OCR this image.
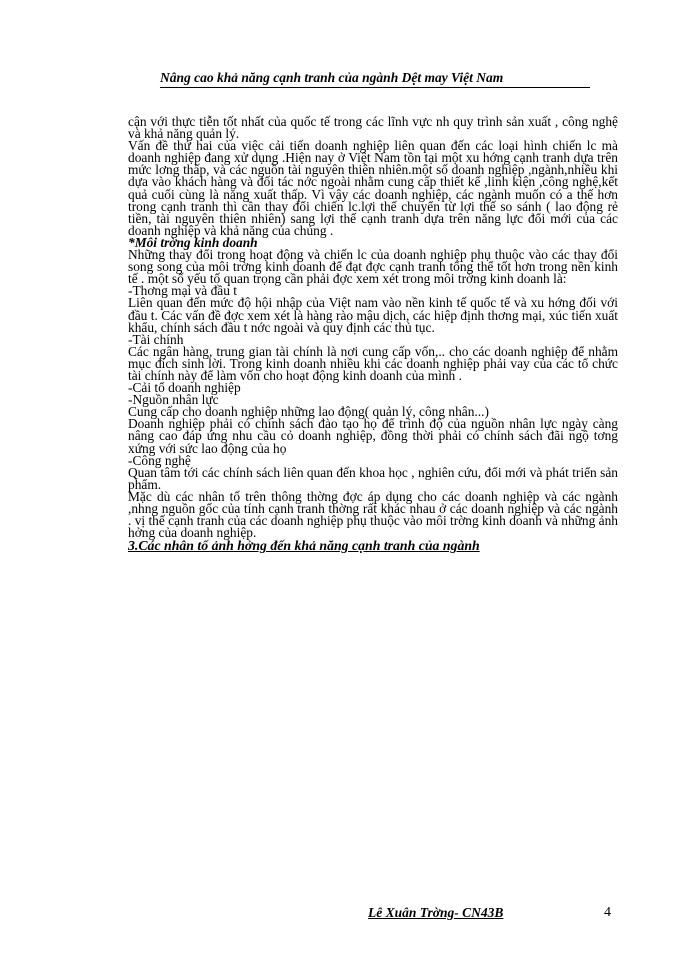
Nâng cao khả năng cạnh tranh của ngành Dệt may Việt Nam

cận với thực tiễn tốt nhất của quốc tế trong các lĩnh vực nh quy trình sản xuất , công nghệ và khả năng quản lý.

Vấn đề thứ hai của việc cải tiến doanh nghiệp liên quan đến các loại hình chiến lc mà doanh nghiệp đang xử dụng .Hiện nay ở Việt Nam tồn tại một xu hớng cạnh tranh dựa trên mức lơng thấp, và các nguồn tài nguyên thiên nhiên.một số doanh nghiệp ,ngành,nhiều khi dựa vào khách hàng và đối tác nớc ngoài nhằm cung cấp thiết kế ,linh kiện ,công nghệ,kết quả cuối cùng là năng xuất thấp. Vì vậy các doanh nghiệp, các ngành muốn có a thế hơn trong cạnh tranh thì cần thay đổi chiến lc.lợi thế chuyển từ lợi thế so sánh ( lao động rẻ tiền, tài nguyên thiên nhiên) sang lợi thế cạnh tranh dựa trên năng lực đổi mới của các doanh nghiệp và khả năng của chúng .

*Môi trờng kinh doanh

Những thay đổi trong hoạt động và chiến lc của doanh nghiệp phụ thuộc vào các thay đổi song song của môi trờng kinh doanh để đạt đợc cạnh tranh tổng thể tốt hơn trong nền kinh tế . một số yếu tố quan trọng cần phải đợc xem xét trong môi trờng kinh doanh là:

-Thơng mại và đầu t

Liên quan đến mức độ hội nhập của Việt nam vào nền kinh tế quốc tế và xu hớng đối với đầu t. Các vấn đề đợc xem xét là hàng rào mậu dịch, các hiệp định thơng mại, xúc tiến xuất khẩu, chính sách đầu t nớc ngoài và quy định các thủ tục.

-Tài chính

Các ngân hàng, trung gian tài chính là nơi cung cấp vốn,.. cho các doanh nghiệp để nhằm mục đích sinh lời. Trong kinh doanh nhiều khi các doanh nghiệp phải vay của các tổ chức tài chính này để làm vốn cho hoạt động kinh doanh của mình .

-Cải tổ doanh nghiệp

-Nguồn nhân lực

Cung cấp cho doanh nghiệp những lao động( quản lý, công nhân...)

Doanh nghiệp phải có chính sách đào tạo họ để trình độ của nguồn nhân lực ngày càng nâng cao đáp ứng nhu cầu cỏ doanh nghiệp, đồng thời phải có chính sách đãi ngộ tơng xứng với sức lao động của họ

-Công nghệ

Quan tâm tới các chính sách liên quan đến khoa học , nghiên cứu, đổi mới và phát triển sản phẩm.

Mặc dù các nhân tố trên thông thờng đợc áp dụng cho các doanh nghiệp và các ngành ,nhng nguồn gốc của tính cạnh tranh thờng rất khác nhau ở các doanh nghiệp và các ngành . vị thế cạnh tranh của các doanh nghiệp phụ thuộc vào môi trờng kinh doanh và những ảnh hởng của doanh nghiệp.

3.Các nhân tố ảnh hởng đến khả năng cạnh tranh của ngành

Lê Xuân Trờng- CN43B	4
